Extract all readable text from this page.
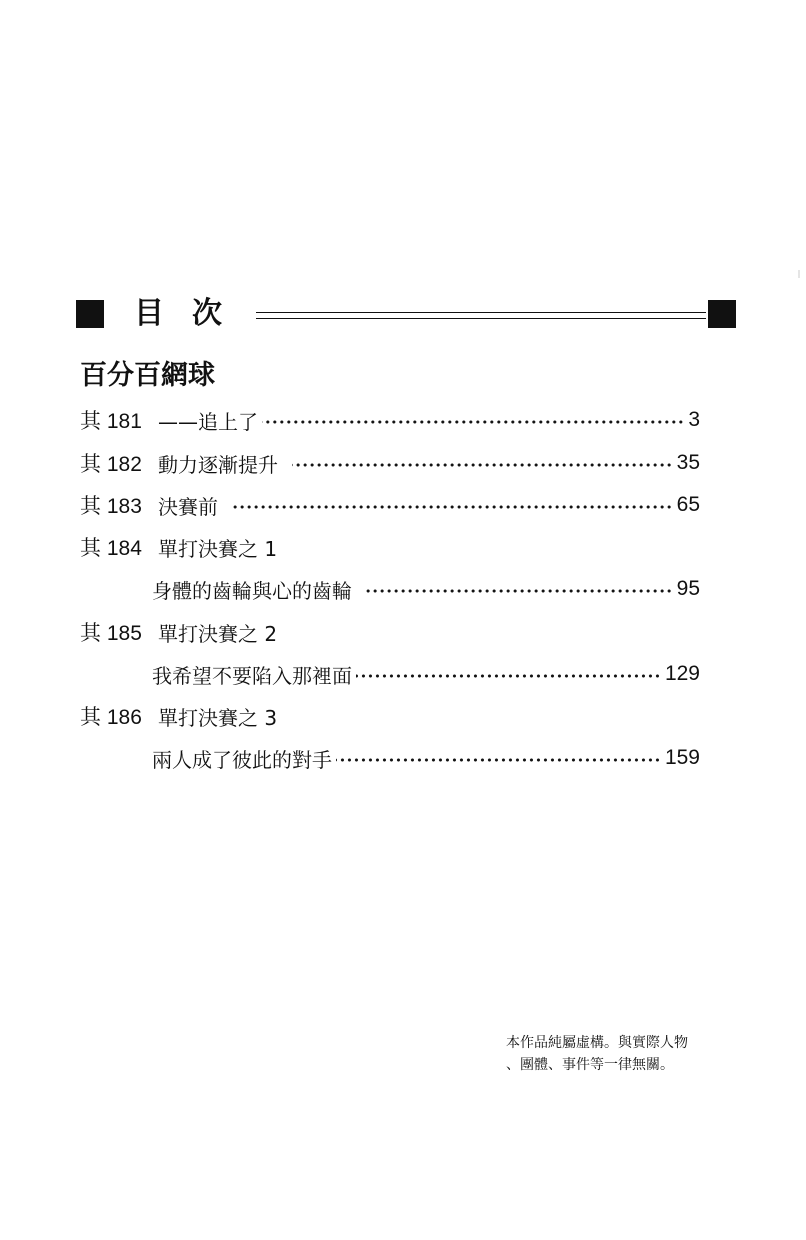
目次
百分百網球
其 181 ——追上了	3
其 182 動力逐漸提升	35
其 183 決賽前	65
其 184 單打決賽之 1
身體的齒輪與心的齒輪	95
其 185 單打決賽之 2
我希望不要陷入那裡面	129
其 186 單打決賽之 3
兩人成了彼此的對手	159
本作品純屬虛構。與實際人物
、團體、事件等一律無關。
